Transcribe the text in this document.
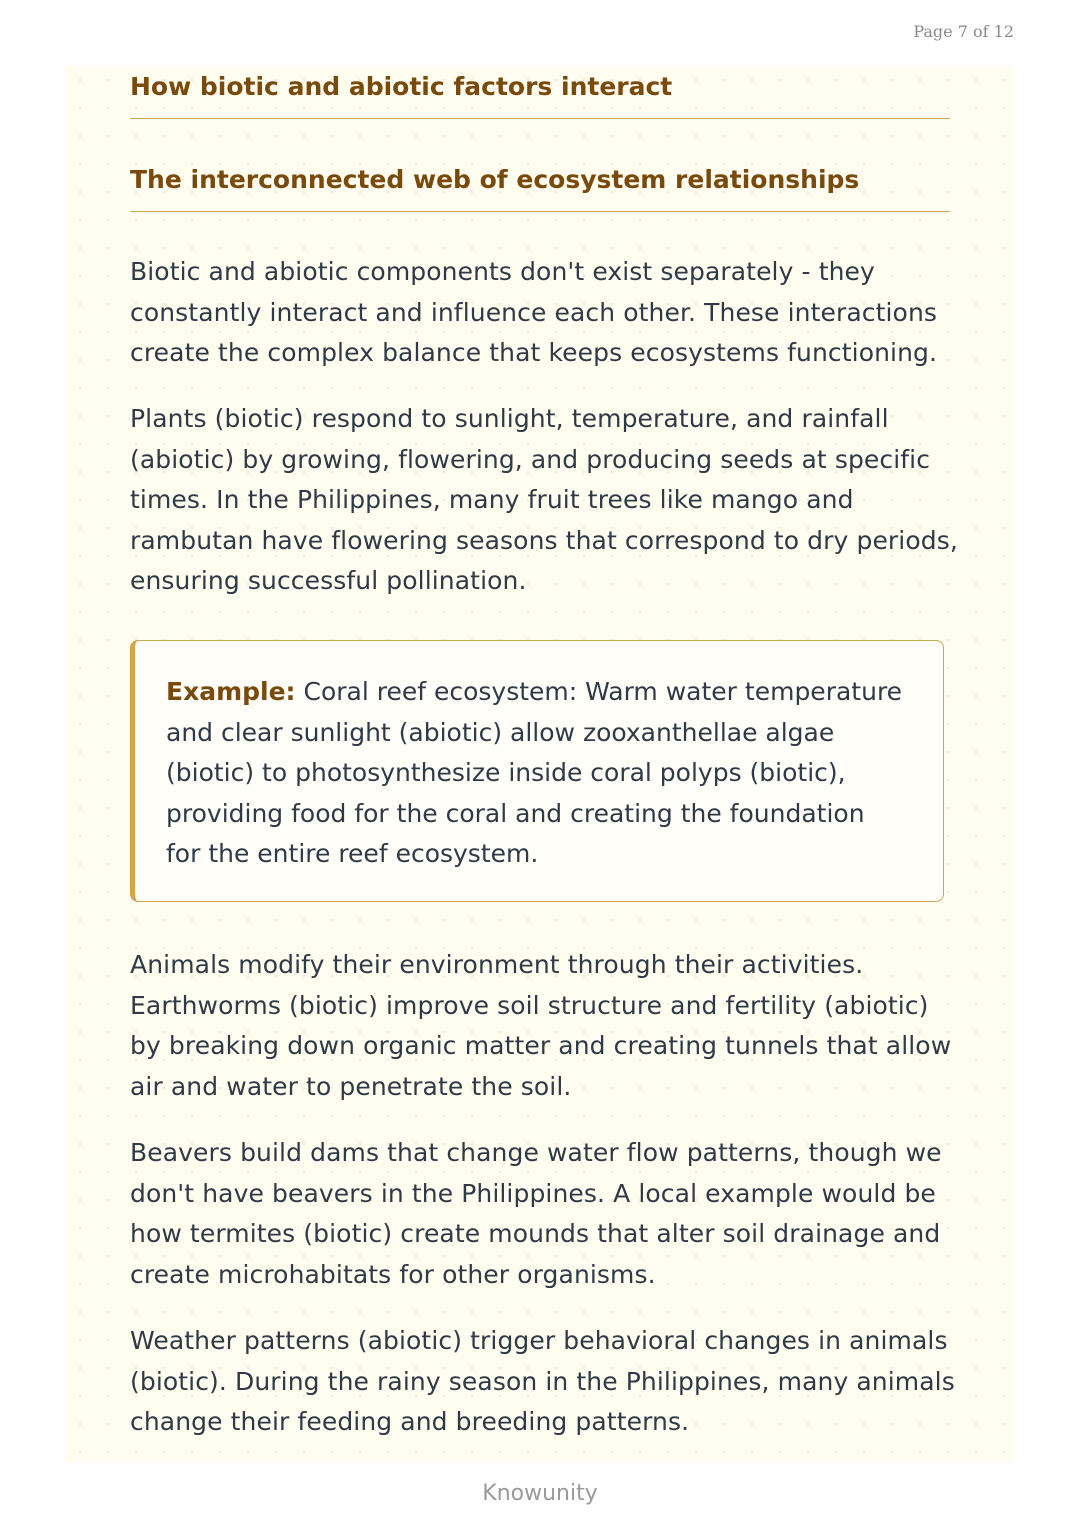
Page 7 of 12
How biotic and abiotic factors interact
The interconnected web of ecosystem relationships

Biotic and abiotic components don't exist separately - they constantly interact and influence each other. These interactions create the complex balance that keeps ecosystems functioning.

Plants (biotic) respond to sunlight, temperature, and rainfall (abiotic) by growing, flowering, and producing seeds at specific times. In the Philippines, many fruit trees like mango and rambutan have flowering seasons that correspond to dry periods, ensuring successful pollination.

Example: Coral reef ecosystem: Warm water temperature and clear sunlight (abiotic) allow zooxanthellae algae (biotic) to photosynthesize inside coral polyps (biotic), providing food for the coral and creating the foundation for the entire reef ecosystem.

Animals modify their environment through their activities. Earthworms (biotic) improve soil structure and fertility (abiotic) by breaking down organic matter and creating tunnels that allow air and water to penetrate the soil.

Beavers build dams that change water flow patterns, though we don't have beavers in the Philippines. A local example would be how termites (biotic) create mounds that alter soil drainage and create microhabitats for other organisms.

Weather patterns (abiotic) trigger behavioral changes in animals (biotic). During the rainy season in the Philippines, many animals change their feeding and breeding patterns.

Knowunity
